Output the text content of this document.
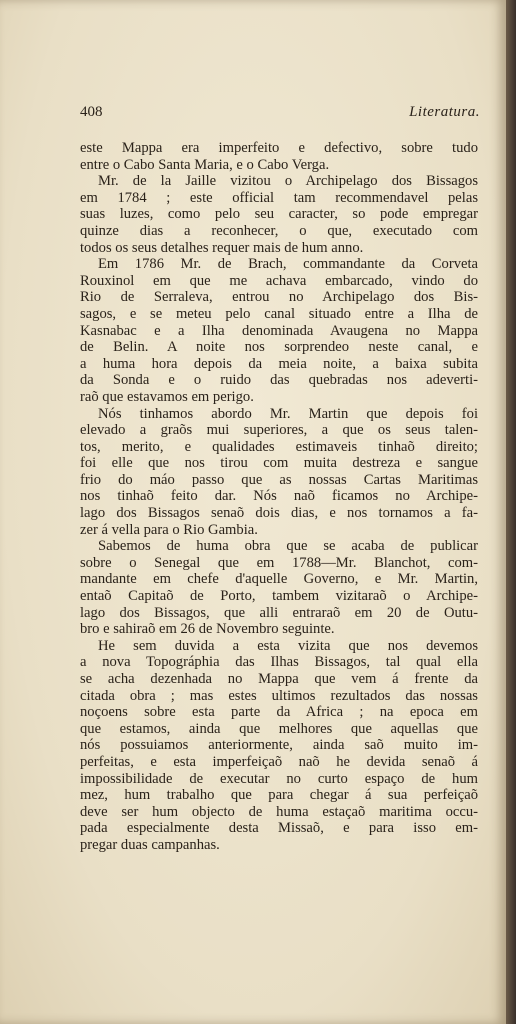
408	Literatura.
este Mappa era imperfeito e defectivo, sobre tudo
entre o Cabo Santa Maria, e o Cabo Verga.
Mr. de la Jaille vizitou o Archipelago dos Bissagos
em 1784 ; este official tam recommendavel pelas
suas luzes, como pelo seu caracter, so pode empregar
quinze dias a reconhecer, o que, executado com
todos os seus detalhes requer mais de hum anno.
Em 1786 Mr. de Brach, commandante da Corveta
Rouxinol em que me achava embarcado, vindo do
Rio de Serraleva, entrou no Archipelago dos Bis-
sagos, e se meteu pelo canal situado entre a Ilha de
Kasnabac e a Ilha denominada Avaugena no Mappa
de Belin. A noite nos sorprendeo neste canal, e
a huma hora depois da meia noite, a baixa subita
da Sonda e o ruido das quebradas nos adeverti-
raõ que estavamos em perigo.
Nós tinhamos abordo Mr. Martin que depois foi
elevado a graõs mui superiores, a que os seus talen-
tos, merito, e qualidades estimaveis tinhaõ direito;
foi elle que nos tirou com muita destreza e sangue
frio do máo passo que as nossas Cartas Maritimas
nos tinhaõ feito dar. Nós naõ ficamos no Archipe-
lago dos Bissagos senaõ dois dias, e nos tornamos a fa-
zer á vella para o Rio Gambia.
Sabemos de huma obra que se acaba de publicar
sobre o Senegal que em 1788—Mr. Blanchot, com-
mandante em chefe d'aquelle Governo, e Mr. Martin,
entaõ Capitaõ de Porto, tambem vizitaraõ o Archipe-
lago dos Bissagos, que alli entraraõ em 20 de Outu-
bro e sahiraõ em 26 de Novembro seguinte.
He sem duvida a esta vizita que nos devemos
a nova Topográphia das Ilhas Bissagos, tal qual ella
se acha dezenhada no Mappa que vem á frente da
citada obra ; mas estes ultimos rezultados das nossas
noçoens sobre esta parte da Africa ; na epoca em
que estamos, ainda que melhores que aquellas que
nós possuiamos anteriormente, ainda saõ muito im-
perfeitas, e esta imperfeiçaõ naõ he devida senaõ á
impossibilidade de executar no curto espaço de hum
mez, hum trabalho que para chegar á sua perfeiçaõ
deve ser hum objecto de huma estaçaõ maritima occu-
pada especialmente desta Missaõ, e para isso em-
pregar duas campanhas.
